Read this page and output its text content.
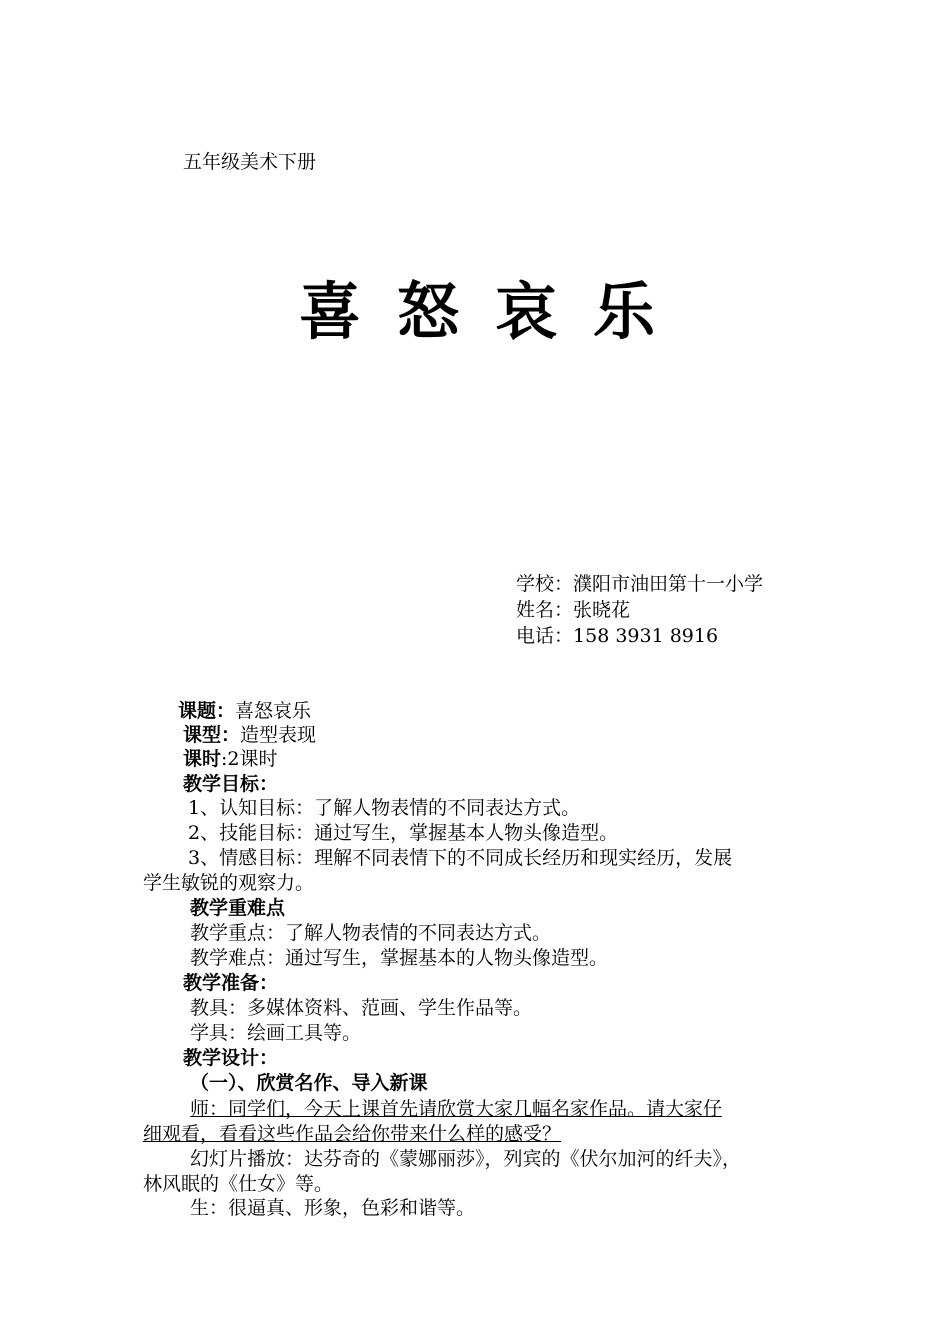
五年级美术下册
喜怒哀乐
学校：濮阳市油田第十一小学
姓名：张晓花
电话：158 3931 8916
课题：喜怒哀乐
课型：造型表现
课时:2课时
教学目标：
1、认知目标：了解人物表情的不同表达方式。
2、技能目标：通过写生，掌握基本人物头像造型。
3、情感目标：理解不同表情下的不同成长经历和现实经历，发展
学生敏锐的观察力。
教学重难点
教学重点：了解人物表情的不同表达方式。
教学难点：通过写生，掌握基本的人物头像造型。
教学准备：
教具：多媒体资料、范画、学生作品等。
学具：绘画工具等。
教学设计：
（一）、欣赏名作、导入新课
师：同学们，今天上课首先请欣赏大家几幅名家作品。请大家仔
细观看，看看这些作品会给你带来什么样的感受？
幻灯片播放：达芬奇的《蒙娜丽莎》，列宾的《伏尔加河的纤夫》，
林风眠的《仕女》等。
生：很逼真、形象，色彩和谐等。
